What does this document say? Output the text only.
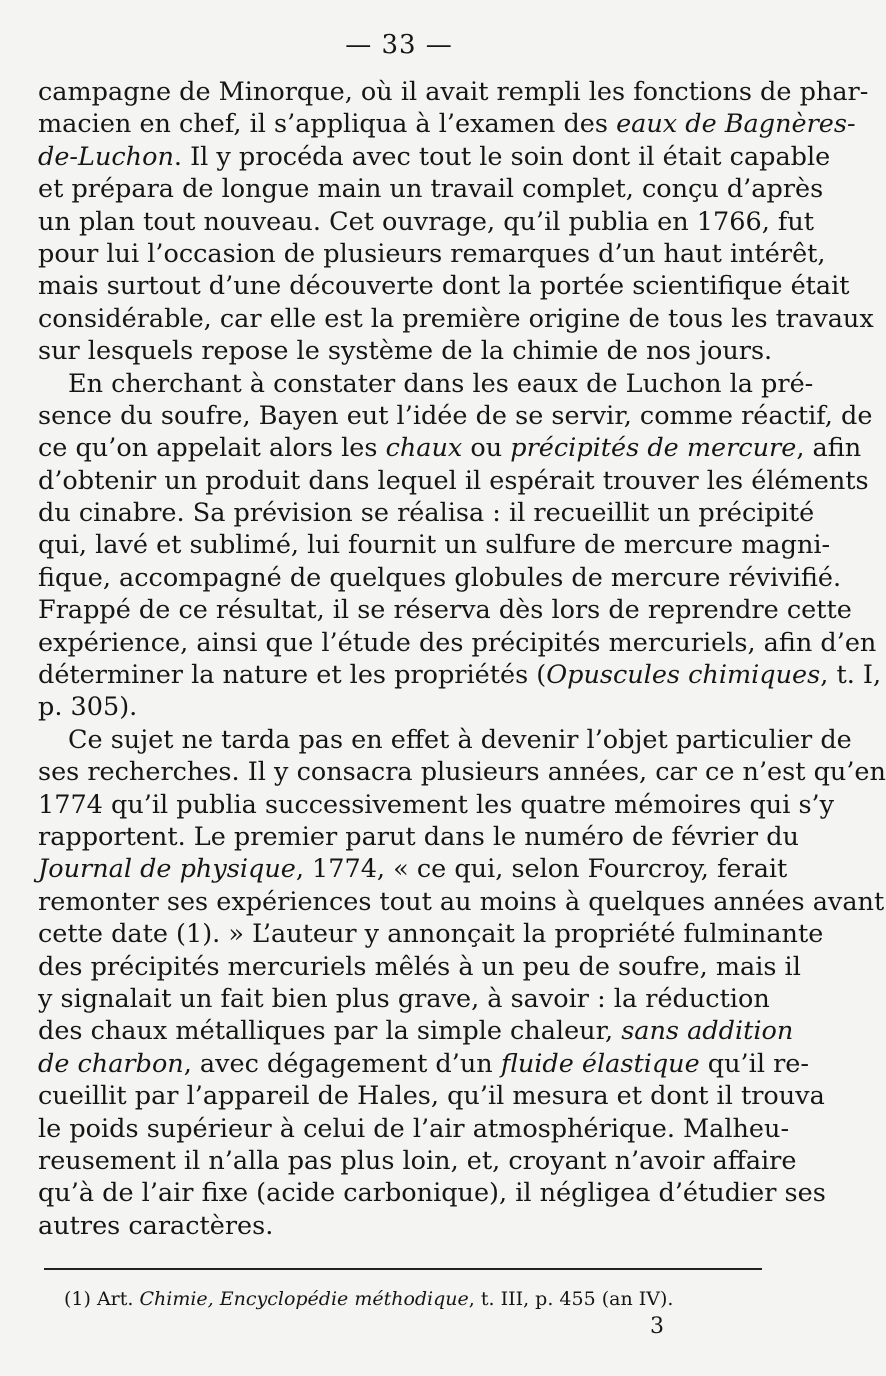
— 33 —
campagne de Minorque, où il avait rempli les fonctions de phar-
macien en chef, il s’appliqua à l’examen des eaux de Bagnères-
de-Luchon. Il y procéda avec tout le soin dont il était capable
et prépara de longue main un travail complet, conçu d’après
un plan tout nouveau. Cet ouvrage, qu’il publia en 1766, fut
pour lui l’occasion de plusieurs remarques d’un haut intérêt,
mais surtout d’une découverte dont la portée scientifique était
considérable, car elle est la première origine de tous les travaux
sur lesquels repose le système de la chimie de nos jours.
En cherchant à constater dans les eaux de Luchon la pré-
sence du soufre, Bayen eut l’idée de se servir, comme réactif, de
ce qu’on appelait alors les chaux ou précipités de mercure, afin
d’obtenir un produit dans lequel il espérait trouver les éléments
du cinabre. Sa prévision se réalisa : il recueillit un précipité
qui, lavé et sublimé, lui fournit un sulfure de mercure magni-
fique, accompagné de quelques globules de mercure révivifié.
Frappé de ce résultat, il se réserva dès lors de reprendre cette
expérience, ainsi que l’étude des précipités mercuriels, afin d’en
déterminer la nature et les propriétés (Opuscules chimiques, t. I,
p. 305).
Ce sujet ne tarda pas en effet à devenir l’objet particulier de
ses recherches. Il y consacra plusieurs années, car ce n’est qu’en
1774 qu’il publia successivement les quatre mémoires qui s’y
rapportent. Le premier parut dans le numéro de février du
Journal de physique, 1774, « ce qui, selon Fourcroy, ferait
remonter ses expériences tout au moins à quelques années avant
cette date (1). » L’auteur y annonçait la propriété fulminante
des précipités mercuriels mêlés à un peu de soufre, mais il
y signalait un fait bien plus grave, à savoir : la réduction
des chaux métalliques par la simple chaleur, sans addition
de charbon, avec dégagement d’un fluide élastique qu’il re-
cueillit par l’appareil de Hales, qu’il mesura et dont il trouva
le poids supérieur à celui de l’air atmosphérique. Malheu-
reusement il n’alla pas plus loin, et, croyant n’avoir affaire
qu’à de l’air fixe (acide carbonique), il négligea d’étudier ses
autres caractères.
(1) Art. Chimie, Encyclopédie méthodique, t. III, p. 455 (an IV).
3
